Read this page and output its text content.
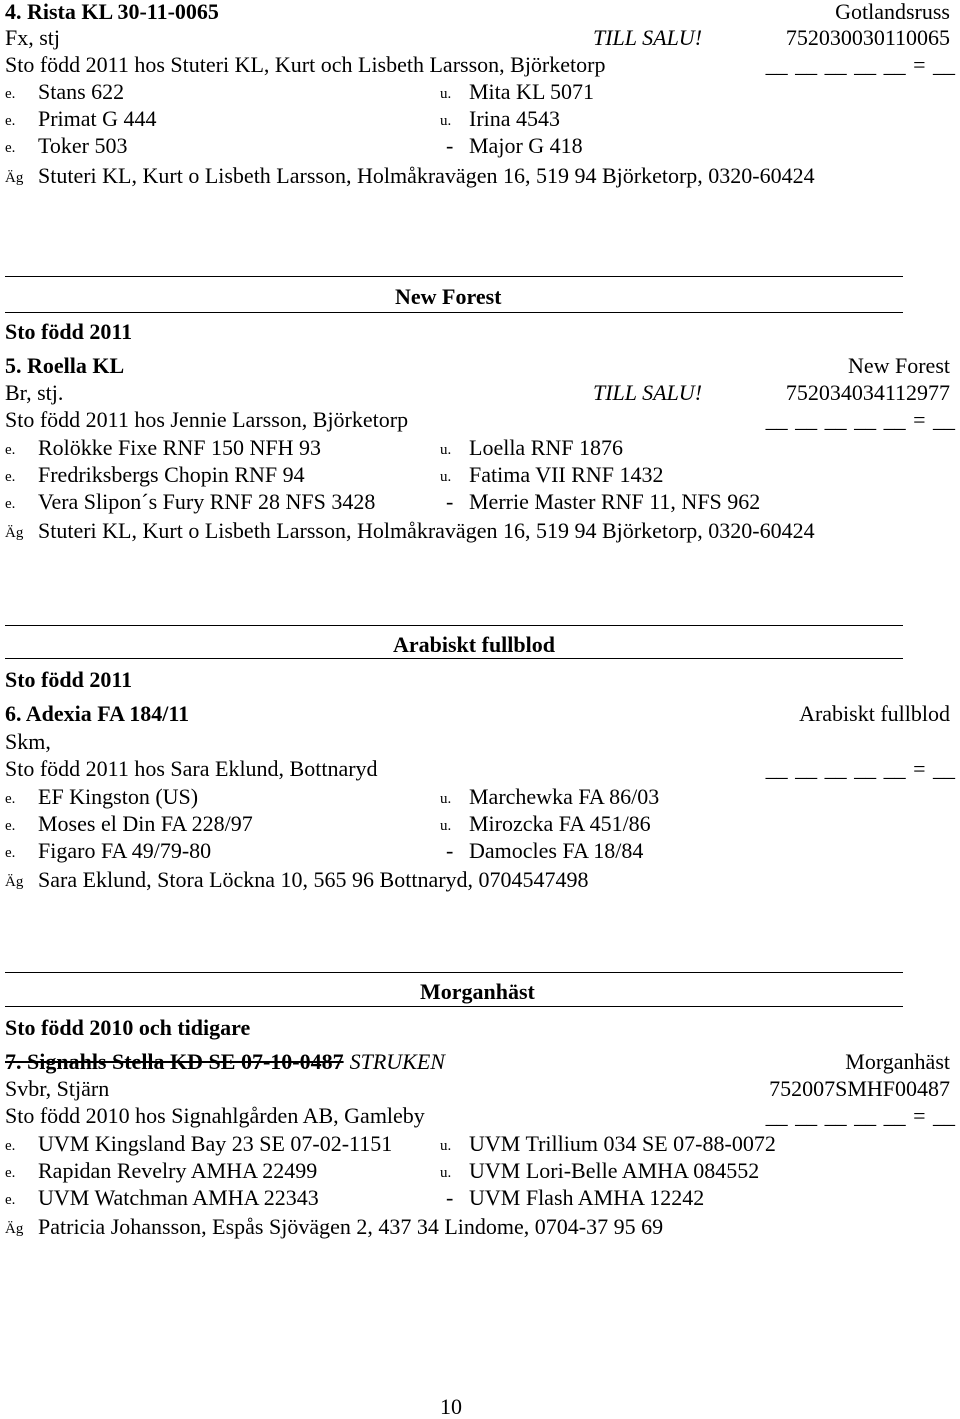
4. Rista KL 30-11-0065	Gotlandsruss
Fx, stj	TILL SALU!	752030030110065
Sto född 2011 hos Stuteri KL, Kurt och Lisbeth Larsson, Björketorp	__ __ __ __ __ = __
e. Stans 622	u. Mita KL 5071
e. Primat G 444	u. Irina 4543
e. Toker 503	- Major G 418
Äg Stuteri KL, Kurt o Lisbeth Larsson, Holmåkravägen 16, 519 94 Björketorp, 0320-60424
New Forest
Sto född 2011
5. Roella KL	New Forest
Br, stj.	TILL SALU!	752034034112977
Sto född 2011 hos Jennie Larsson, Björketorp	__ __ __ __ __ = __
e. Rolökke Fixe RNF 150 NFH 93	u. Loella RNF 1876
e. Fredriksbergs Chopin RNF 94	u. Fatima VII RNF 1432
e. Vera Slipon´s Fury RNF 28 NFS 3428	- Merrie Master RNF 11, NFS 962
Äg Stuteri KL, Kurt o Lisbeth Larsson, Holmåkravägen 16, 519 94 Björketorp, 0320-60424
Arabiskt fullblod
Sto född 2011
6. Adexia FA 184/11	Arabiskt fullblod
Skm,
Sto född 2011 hos Sara Eklund, Bottnaryd	__ __ __ __ __ = __
e. EF Kingston (US)	u. Marchewka FA 86/03
e. Moses el Din FA 228/97	u. Mirozcka FA 451/86
e. Figaro FA 49/79-80	- Damocles FA 18/84
Äg Sara Eklund, Stora Löckna 10, 565 96 Bottnaryd, 0704547498
Morganhäst
Sto född 2010 och tidigare
7. Signahls Stella KD SE 07-10-0487 STRUKEN	Morganhäst
Svbr, Stjärn	752007SMHF00487
Sto född 2010 hos Signahlgården AB, Gamleby	__ __ __ __ __ = __
e. UVM Kingsland Bay 23 SE 07-02-1151	u. UVM Trillium 034 SE 07-88-0072
e. Rapidan Revelry AMHA 22499	u. UVM Lori-Belle AMHA 084552
e. UVM Watchman AMHA 22343	- UVM Flash AMHA 12242
Äg Patricia Johansson, Espås Sjövägen 2, 437 34 Lindome, 0704-37 95 69
10
